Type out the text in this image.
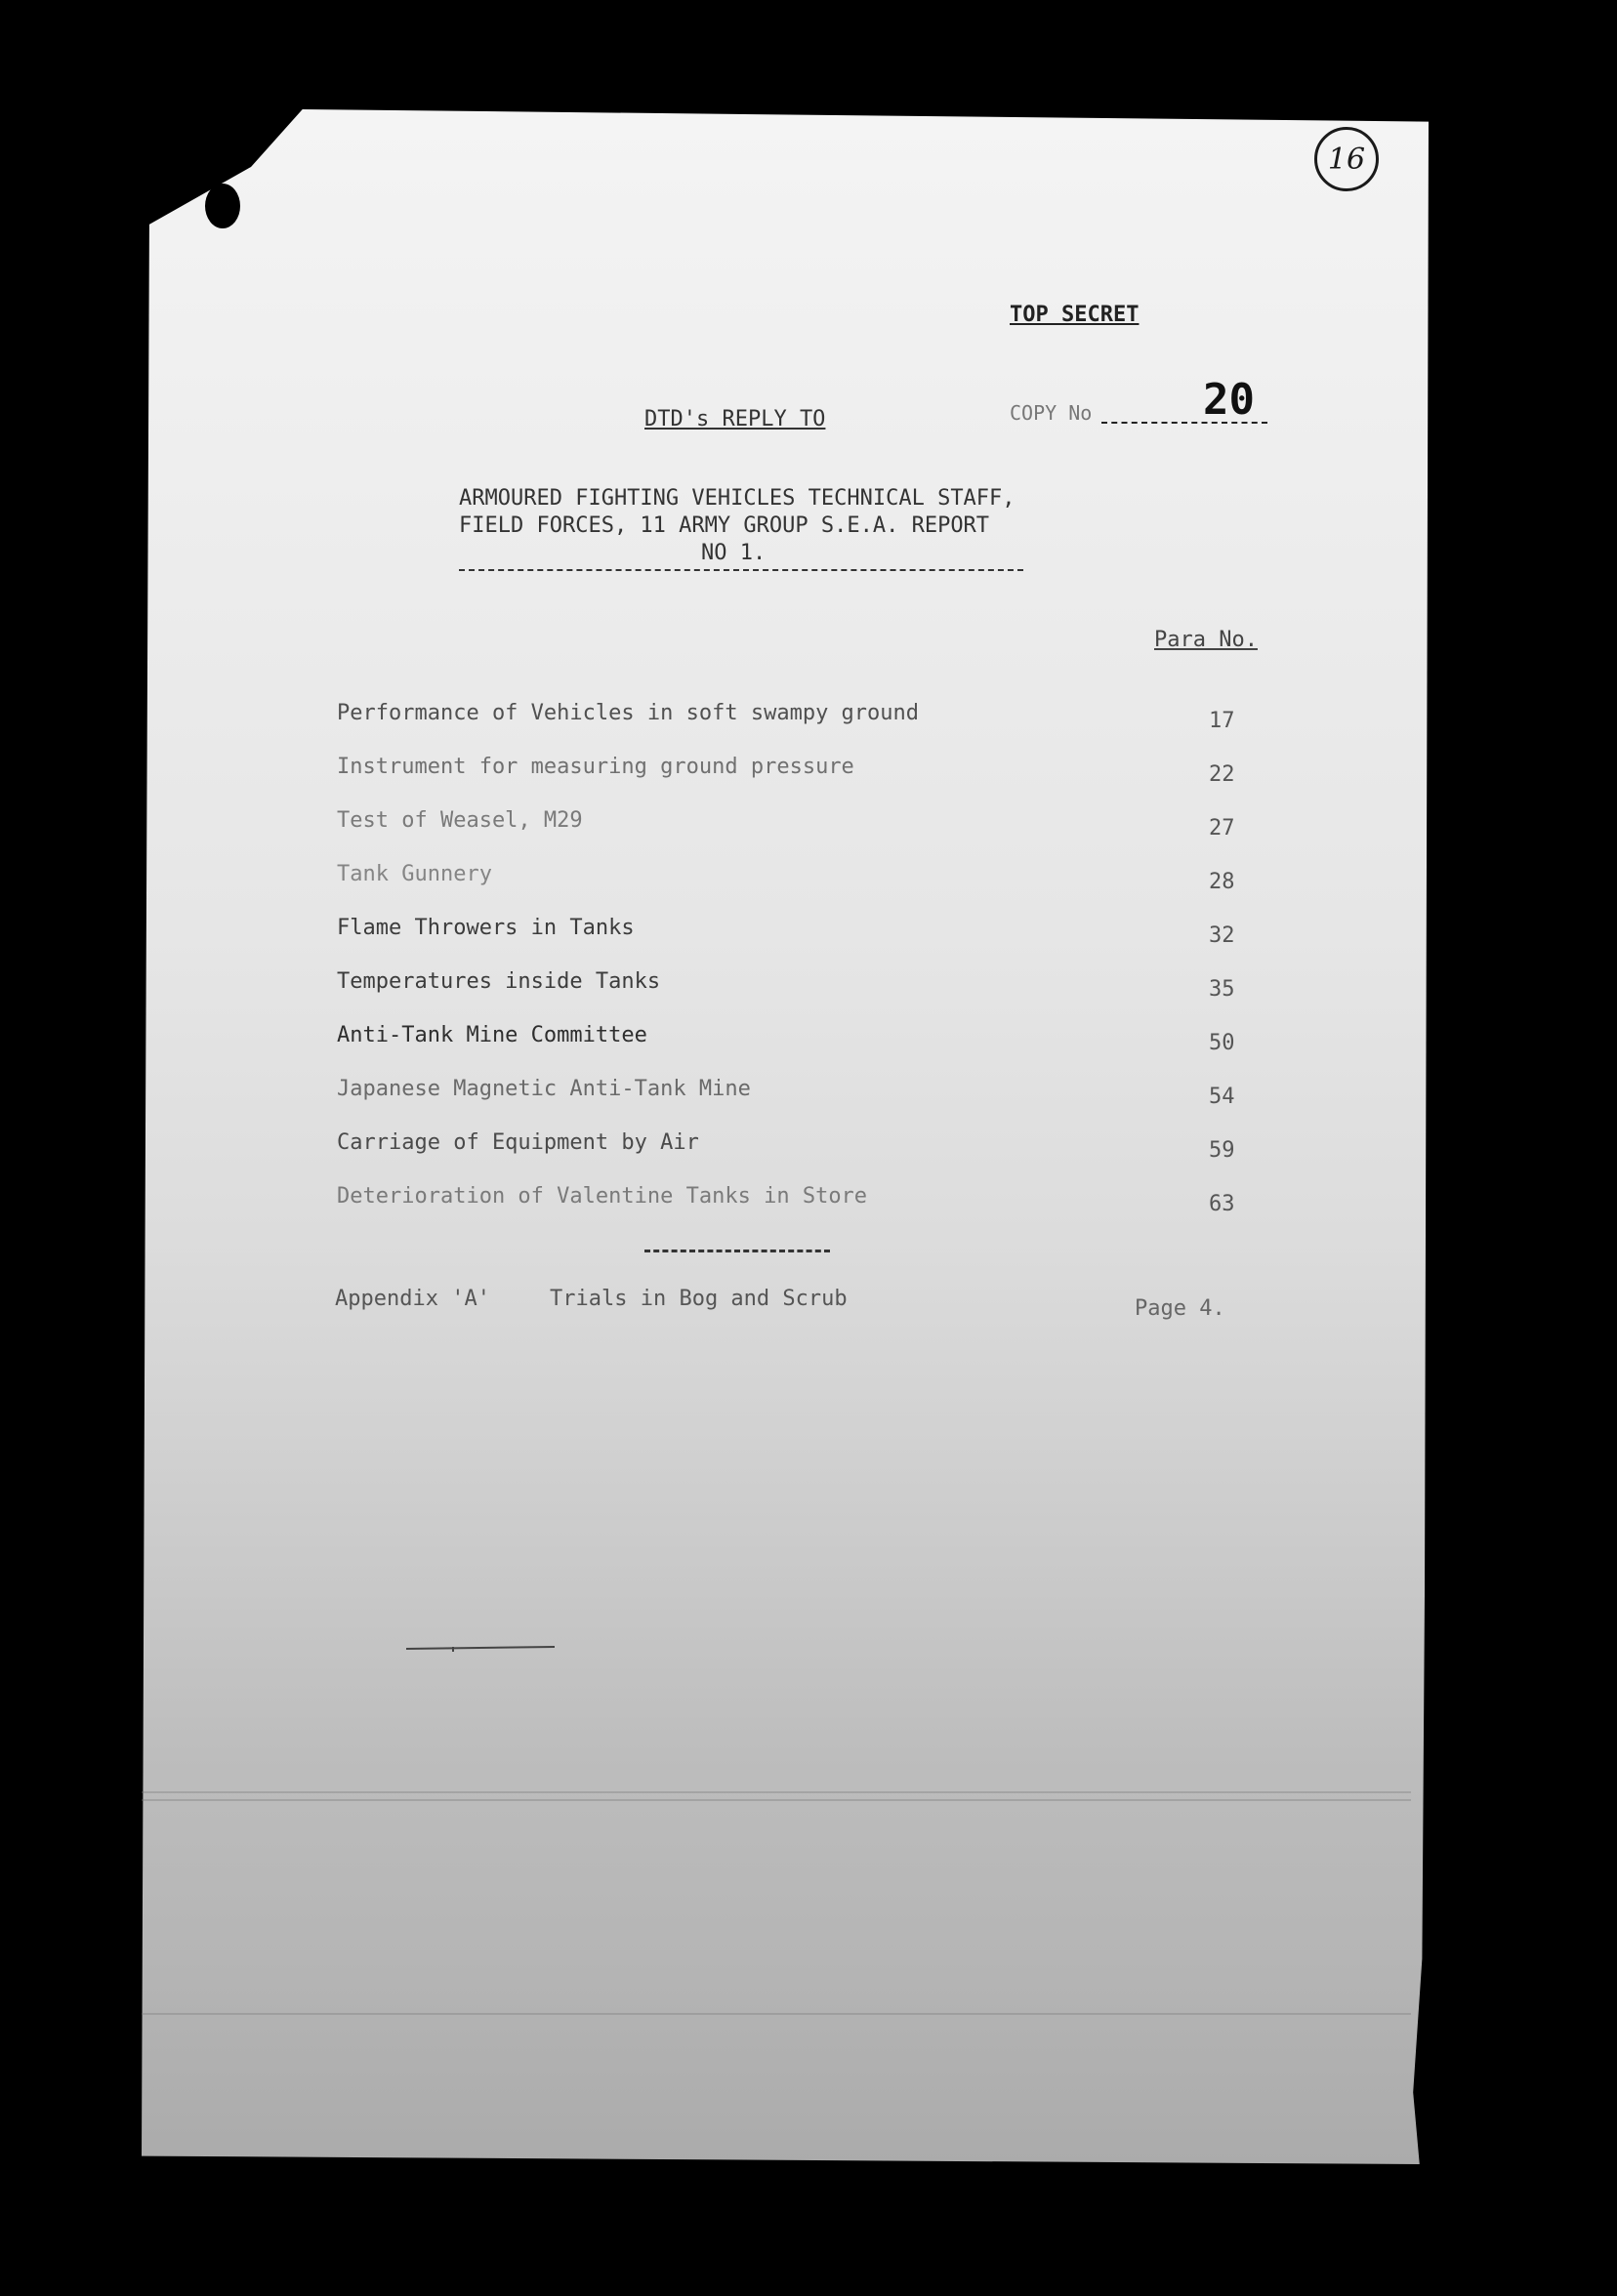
16
TOP SECRET
DTD's REPLY TO	COPY No	20
ARMOURED FIGHTING VEHICLES TECHNICAL STAFF,
FIELD FORCES, 11 ARMY GROUP S.E.A. REPORT
NO 1.
Para No.
Performance of Vehicles in soft swampy ground	17
Instrument for measuring ground pressure	22
Test of Weasel, M29	27
Tank Gunnery	28
Flame Throwers in Tanks	32
Temperatures inside Tanks	35
Anti-Tank Mine Committee	50
Japanese Magnetic Anti-Tank Mine	54
Carriage of Equipment by Air	59
Deterioration of Valentine Tanks in Store	63
Appendix 'A'	Trials in Bog and Scrub	Page 4.
